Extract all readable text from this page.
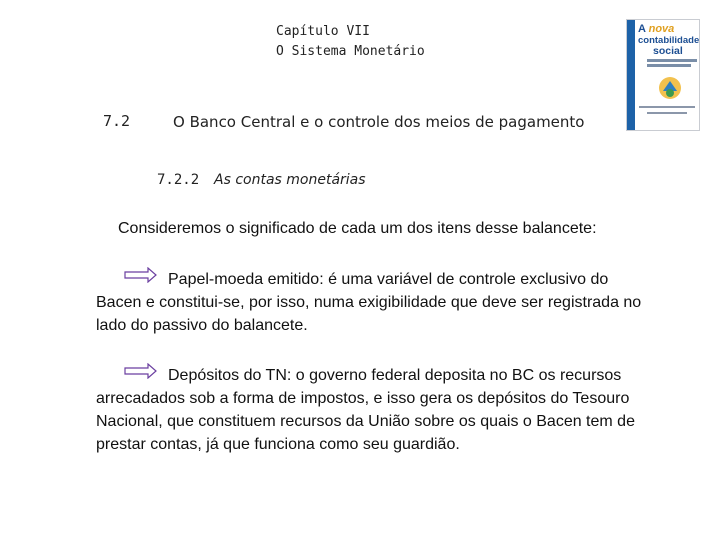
Capítulo VII
O Sistema Monetário
A nova
contabilidade
social
7.2	O Banco Central e o controle dos meios de pagamento
7.2.2 As contas monetárias
Consideremos o significado de cada um dos itens desse balancete:
Papel-moeda emitido: é uma variável de controle exclusivo do Bacen e constitui-se, por isso, numa exigibilidade que deve ser registrada no lado do passivo do balancete.
Depósitos do TN: o governo federal deposita no BC os recursos arrecadados sob a forma de impostos, e isso gera os depósitos do Tesouro Nacional, que constituem recursos da União sobre os quais o Bacen tem de prestar contas, já que funciona como seu guardião.
